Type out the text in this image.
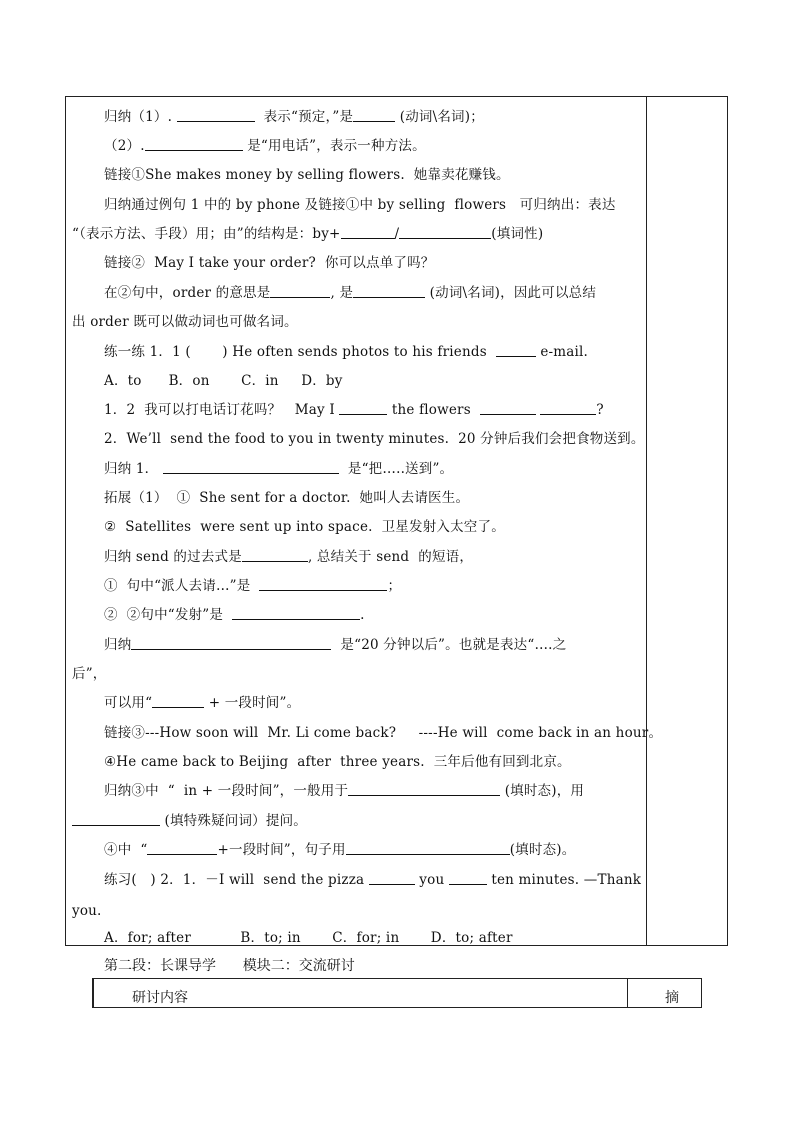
归纳（1）.	表示“预定，”是	(动词\名词)；
（2）.	是“用电话”，表示一种方法。
链接①She makes money by selling flowers.  她靠卖花赚钱。
归纳通过例句 1 中的 by phone 及链接①中 by selling  flowers   可归纳出：表达
“（表示方法、手段）用；由”的结构是：by+	/	(填词性)
链接②  May I take your order?  你可以点单了吗？
在②句中，order 的意思是	, 是	(动词\名词)，因此可以总结
出 order 既可以做动词也可做名词。
练一练 1．1 ( ) He often sends photos to his friends	e-mail.
A．to B．on C．in D．by
1．2  我可以打电话订花吗？ May I	the flowers	?
2．We’ll  send the food to you in twenty minutes.  20 分钟后我们会把食物送到。
归纳 1．	是“把…..送到”。
拓展（1）  ①  She sent for a doctor.  她叫人去请医生。
②  Satellites  were sent up into space.  卫星发射入太空了。
归纳 send 的过去式是	, 总结关于 send  的短语，
①  句中“派人去请…”是	；
②  ②句中“发射”是	.
归纳	是“20 分钟以后”。也就是表达“….之
后”，
可以用“	+ 一段时间”。
链接③---How soon will  Mr. Li come back? ----He will  come back in an hour。
④He came back to Beijing  after  three years.  三年后他有回到北京。
归纳③中  “  in + 一段时间”，一般用于	(填时态)，用
(填特殊疑问词）提问。
④中  “	+一段时间”，句子用	(填时态)。
练习( ) 2．1．－I will  send the pizza	you	ten minutes. —Thank
you.
A．for; after	B．to; in C．for; in D．to; after
第二段：长课导学      模块二：交流研讨
研讨内容	摘
